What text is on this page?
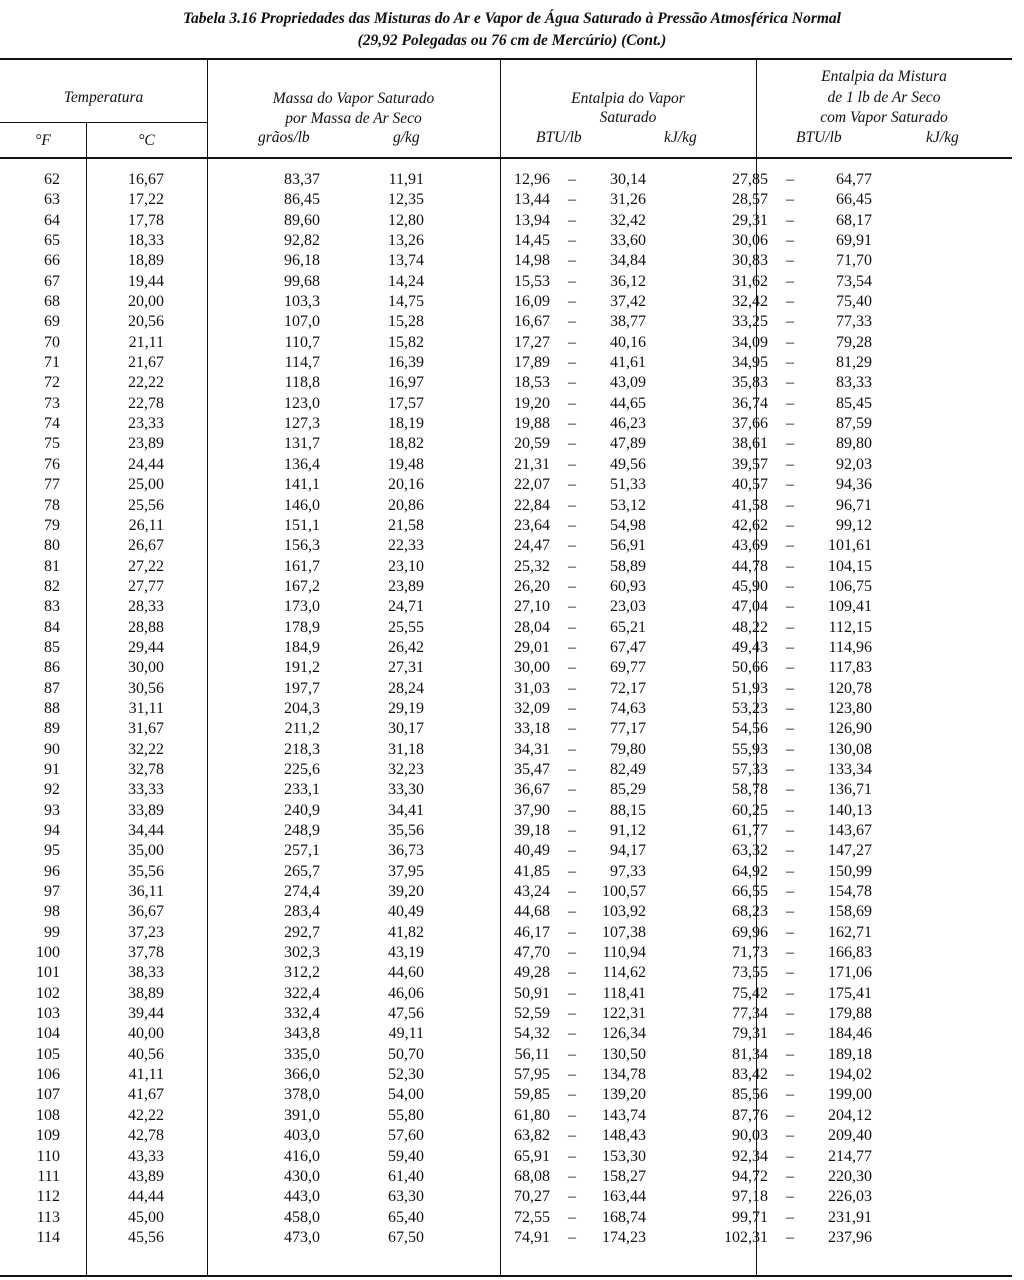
Tabela 3.16 Propriedades das Misturas do Ar e Vapor de Água Saturado à Pressão Atmosférica Normal
(29,92 Polegadas ou 76 cm de Mercúrio) (Cont.)
Temperatura
°F	°C
Massa do Vapor Saturado
por Massa de Ar Seco
grãos/lb	g/kg
Entalpia do Vapor
Saturado
BTU/lb	kJ/kg
Entalpia da Mistura
de 1 lb de Ar Seco
com Vapor Saturado
BTU/lb	kJ/kg
	62	16,67	83,37	11,91	12,96	–	30,14	27,85	–	64,77	
	63	17,22	86,45	12,35	13,44	–	31,26	28,57	–	66,45	
	64	17,78	89,60	12,80	13,94	–	32,42	29,31	–	68,17	
	65	18,33	92,82	13,26	14,45	–	33,60	30,06	–	69,91	
	66	18,89	96,18	13,74	14,98	–	34,84	30,83	–	71,70	
	67	19,44	99,68	14,24	15,53	–	36,12	31,62	–	73,54	
	68	20,00	103,3	14,75	16,09	–	37,42	32,42	–	75,40	
	69	20,56	107,0	15,28	16,67	–	38,77	33,25	–	77,33	
	70	21,11	110,7	15,82	17,27	–	40,16	34,09	–	79,28	
	71	21,67	114,7	16,39	17,89	–	41,61	34,95	–	81,29	
	72	22,22	118,8	16,97	18,53	–	43,09	35,83	–	83,33	
	73	22,78	123,0	17,57	19,20	–	44,65	36,74	–	85,45	
	74	23,33	127,3	18,19	19,88	–	46,23	37,66	–	87,59	
	75	23,89	131,7	18,82	20,59	–	47,89	38,61	–	89,80	
	76	24,44	136,4	19,48	21,31	–	49,56	39,57	–	92,03	
	77	25,00	141,1	20,16	22,07	–	51,33	40,57	–	94,36	
	78	25,56	146,0	20,86	22,84	–	53,12	41,58	–	96,71	
	79	26,11	151,1	21,58	23,64	–	54,98	42,62	–	99,12	
	80	26,67	156,3	22,33	24,47	–	56,91	43,69	–	101,61	
	81	27,22	161,7	23,10	25,32	–	58,89	44,78	–	104,15	
	82	27,77	167,2	23,89	26,20	–	60,93	45,90	–	106,75	
	83	28,33	173,0	24,71	27,10	–	23,03	47,04	–	109,41	
	84	28,88	178,9	25,55	28,04	–	65,21	48,22	–	112,15	
	85	29,44	184,9	26,42	29,01	–	67,47	49,43	–	114,96	
	86	30,00	191,2	27,31	30,00	–	69,77	50,66	–	117,83	
	87	30,56	197,7	28,24	31,03	–	72,17	51,93	–	120,78	
	88	31,11	204,3	29,19	32,09	–	74,63	53,23	–	123,80	
	89	31,67	211,2	30,17	33,18	–	77,17	54,56	–	126,90	
	90	32,22	218,3	31,18	34,31	–	79,80	55,93	–	130,08	
	91	32,78	225,6	32,23	35,47	–	82,49	57,33	–	133,34	
	92	33,33	233,1	33,30	36,67	–	85,29	58,78	–	136,71	
	93	33,89	240,9	34,41	37,90	–	88,15	60,25	–	140,13	
	94	34,44	248,9	35,56	39,18	–	91,12	61,77	–	143,67	
	95	35,00	257,1	36,73	40,49	–	94,17	63,32	–	147,27	
	96	35,56	265,7	37,95	41,85	–	97,33	64,92	–	150,99	
	97	36,11	274,4	39,20	43,24	–	100,57	66,55	–	154,78	
	98	36,67	283,4	40,49	44,68	–	103,92	68,23	–	158,69	
	99	37,23	292,7	41,82	46,17	–	107,38	69,96	–	162,71	
	100	37,78	302,3	43,19	47,70	–	110,94	71,73	–	166,83	
	101	38,33	312,2	44,60	49,28	–	114,62	73,55	–	171,06	
	102	38,89	322,4	46,06	50,91	–	118,41	75,42	–	175,41	
	103	39,44	332,4	47,56	52,59	–	122,31	77,34	–	179,88	
	104	40,00	343,8	49,11	54,32	–	126,34	79,31	–	184,46	
	105	40,56	335,0	50,70	56,11	–	130,50	81,34	–	189,18	
	106	41,11	366,0	52,30	57,95	–	134,78	83,42	–	194,02	
	107	41,67	378,0	54,00	59,85	–	139,20	85,56	–	199,00	
	108	42,22	391,0	55,80	61,80	–	143,74	87,76	–	204,12	
	109	42,78	403,0	57,60	63,82	–	148,43	90,03	–	209,40	
	110	43,33	416,0	59,40	65,91	–	153,30	92,34	–	214,77	
	111	43,89	430,0	61,40	68,08	–	158,27	94,72	–	220,30	
	112	44,44	443,0	63,30	70,27	–	163,44	97,18	–	226,03	
	113	45,00	458,0	65,40	72,55	–	168,74	99,71	–	231,91	
	114	45,56	473,0	67,50	74,91	–	174,23	102,31	–	237,96	
